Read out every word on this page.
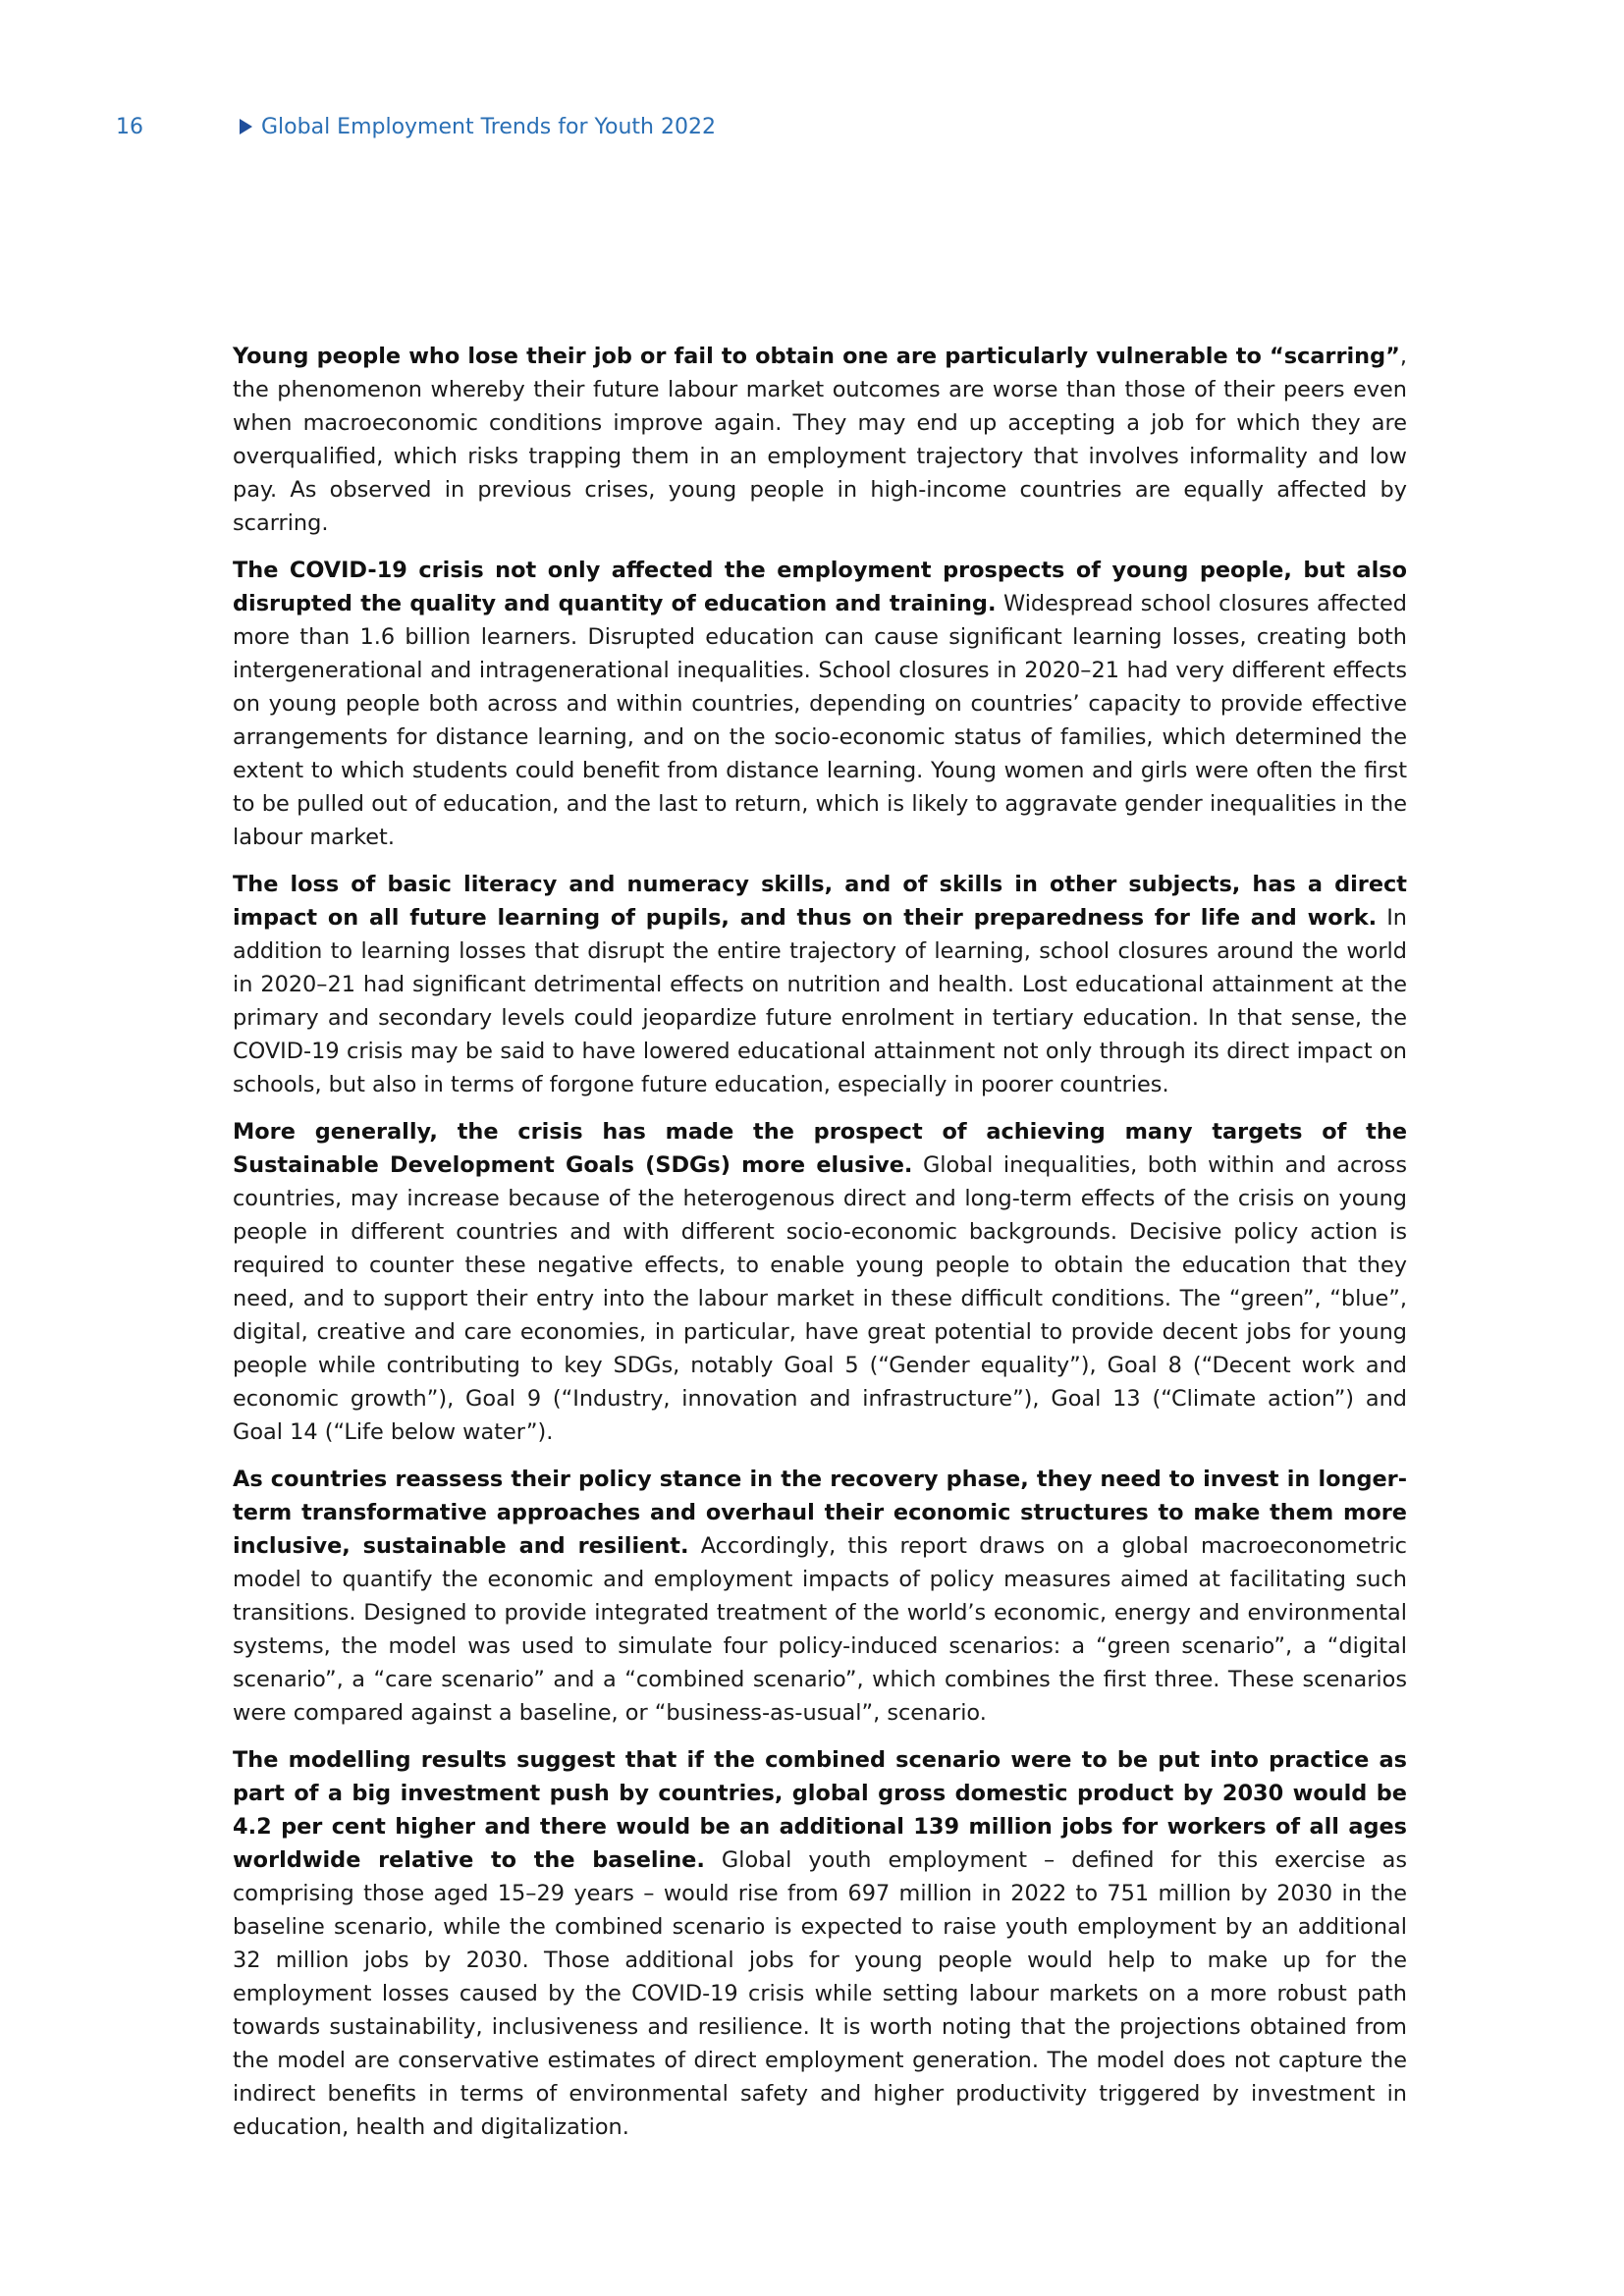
16	Global Employment Trends for Youth 2022

Young people who lose their job or fail to obtain one are particularly vulnerable to “scarring”, the phenomenon whereby their future labour market outcomes are worse than those of their peers even when macroeconomic conditions improve again. They may end up accepting a job for which they are overqualified, which risks trapping them in an employment trajectory that involves informality and low pay. As observed in previous crises, young people in high-income countries are equally affected by scarring.

The COVID-19 crisis not only affected the employment prospects of young people, but also disrupted the quality and quantity of education and training. Widespread school closures affected more than 1.6 billion learners. Disrupted education can cause significant learning losses, creating both intergenerational and intragenerational inequalities. School closures in 2020–21 had very different effects on young people both across and within countries, depending on countries’ capacity to provide effective arrangements for distance learning, and on the socio-economic status of families, which determined the extent to which students could benefit from distance learning. Young women and girls were often the first to be pulled out of education, and the last to return, which is likely to aggravate gender inequalities in the labour market.

The loss of basic literacy and numeracy skills, and of skills in other subjects, has a direct impact on all future learning of pupils, and thus on their preparedness for life and work. In addition to learning losses that disrupt the entire trajectory of learning, school closures around the world in 2020–21 had significant detrimental effects on nutrition and health. Lost educational attainment at the primary and secondary levels could jeopardize future enrolment in tertiary education. In that sense, the COVID-19 crisis may be said to have lowered educational attainment not only through its direct impact on schools, but also in terms of forgone future education, especially in poorer countries.

More generally, the crisis has made the prospect of achieving many targets of the Sustainable Development Goals (SDGs) more elusive. Global inequalities, both within and across countries, may increase because of the heterogenous direct and long-term effects of the crisis on young people in different countries and with different socio-economic backgrounds. Decisive policy action is required to counter these negative effects, to enable young people to obtain the education that they need, and to support their entry into the labour market in these difficult conditions. The “green”, “blue”, digital, creative and care economies, in particular, have great potential to provide decent jobs for young people while contributing to key SDGs, notably Goal 5 (“Gender equality”), Goal 8 (“Decent work and economic growth”), Goal 9 (“Industry, innovation and infrastructure”), Goal 13 (“Climate action”) and Goal 14 (“Life below water”).

As countries reassess their policy stance in the recovery phase, they need to invest in longer-term transformative approaches and overhaul their economic structures to make them more inclusive, sustainable and resilient. Accordingly, this report draws on a global macroeconometric model to quantify the economic and employment impacts of policy measures aimed at facilitating such transitions. Designed to provide integrated treatment of the world’s economic, energy and environmental systems, the model was used to simulate four policy-induced scenarios: a “green scenario”, a “digital scenario”, a “care scenario” and a “combined scenario”, which combines the first three. These scenarios were compared against a baseline, or “business-as-usual”, scenario.

The modelling results suggest that if the combined scenario were to be put into practice as part of a big investment push by countries, global gross domestic product by 2030 would be 4.2 per cent higher and there would be an additional 139 million jobs for workers of all ages worldwide relative to the baseline. Global youth employment – defined for this exercise as comprising those aged 15–29 years – would rise from 697 million in 2022 to 751 million by 2030 in the baseline scenario, while the combined scenario is expected to raise youth employment by an additional 32 million jobs by 2030. Those additional jobs for young people would help to make up for the employment losses caused by the COVID-19 crisis while setting labour markets on a more robust path towards sustainability, inclusiveness and resilience. It is worth noting that the projections obtained from the model are conservative estimates of direct employment generation. The model does not capture the indirect benefits in terms of environmental safety and higher productivity triggered by investment in education, health and digitalization.
